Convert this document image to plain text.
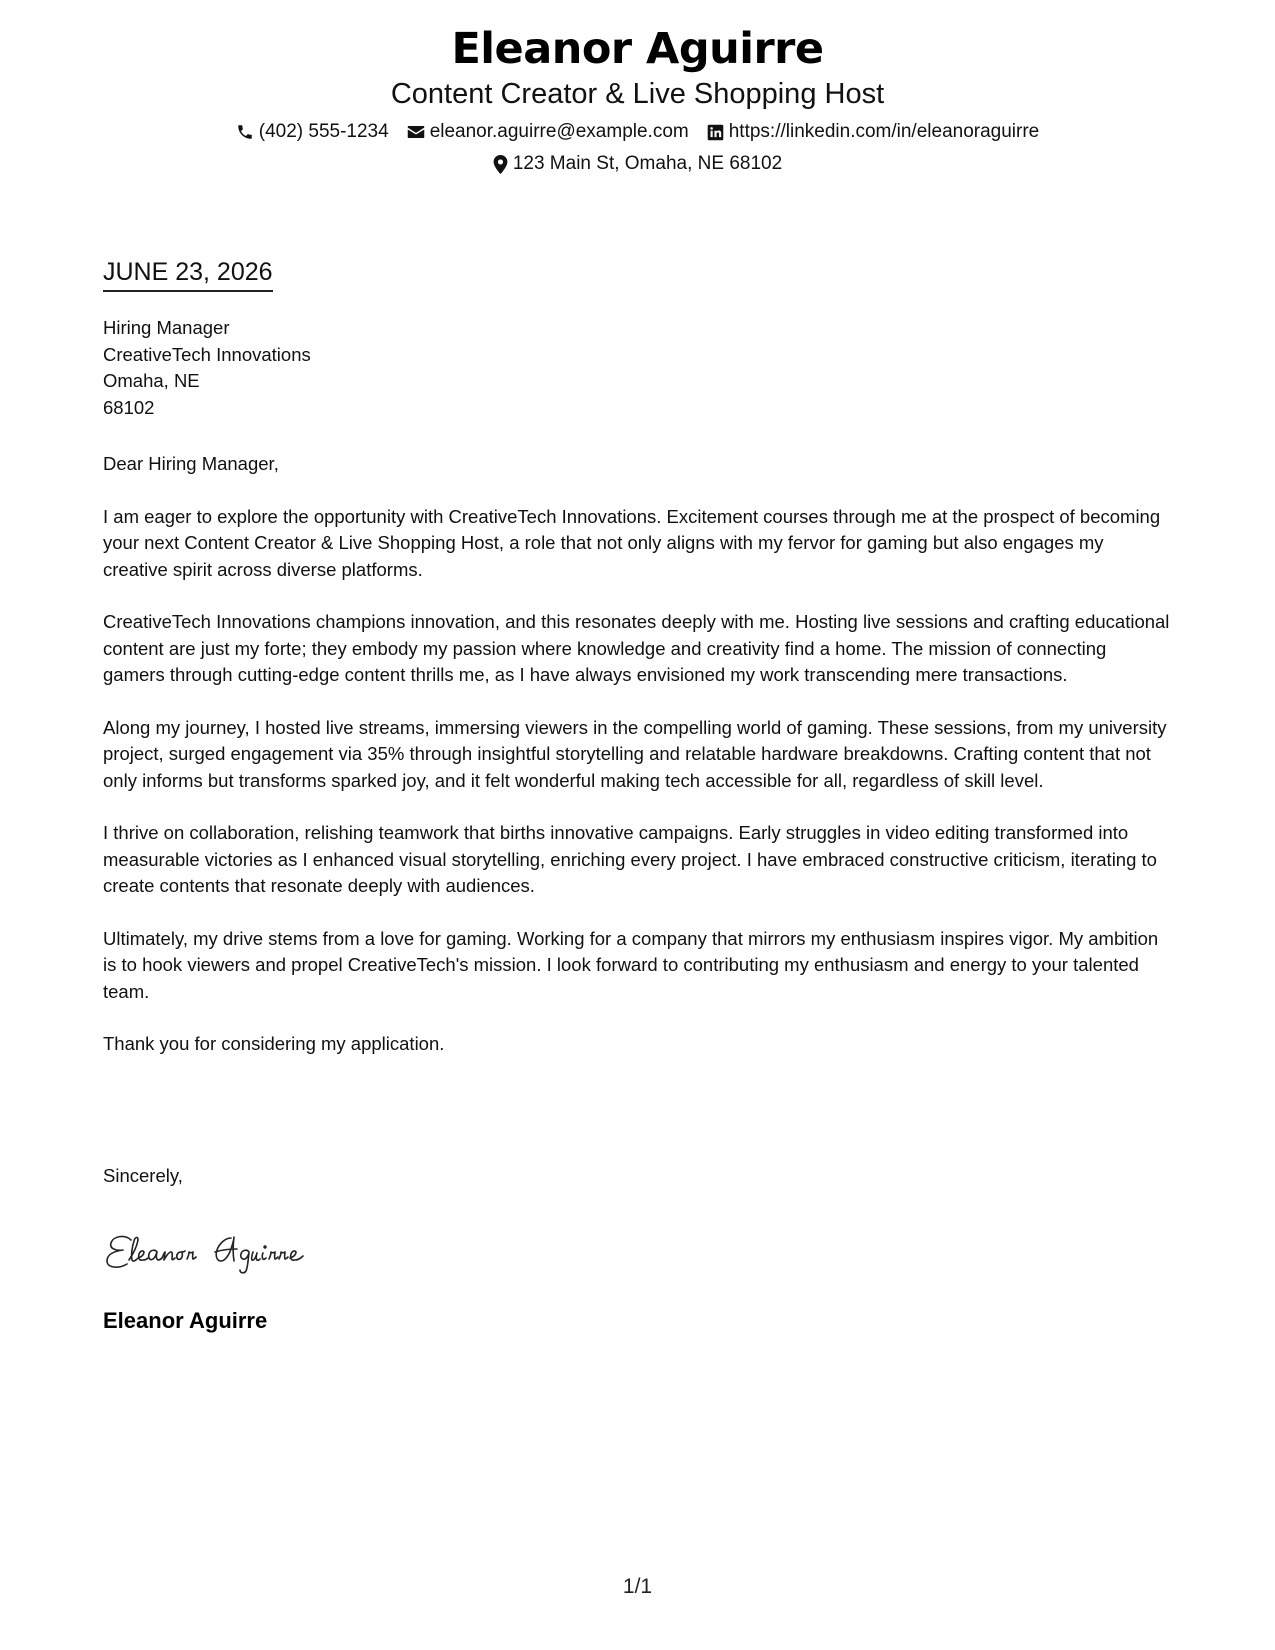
Eleanor Aguirre
Content Creator & Live Shopping Host
(402) 555-1234 eleanor.aguirre@example.com https://linkedin.com/in/eleanoraguirre
123 Main St, Omaha, NE 68102
JUNE 23, 2026
Hiring Manager
CreativeTech Innovations
Omaha, NE
68102

Dear Hiring Manager,

I am eager to explore the opportunity with CreativeTech Innovations. Excitement courses through me at the prospect of becoming your next Content Creator & Live Shopping Host, a role that not only aligns with my fervor for gaming but also engages my creative spirit across diverse platforms.

CreativeTech Innovations champions innovation, and this resonates deeply with me. Hosting live sessions and crafting educational content are just my forte; they embody my passion where knowledge and creativity find a home. The mission of connecting gamers through cutting-edge content thrills me, as I have always envisioned my work transcending mere transactions.

Along my journey, I hosted live streams, immersing viewers in the compelling world of gaming. These sessions, from my university project, surged engagement via 35% through insightful storytelling and relatable hardware breakdowns. Crafting content that not only informs but transforms sparked joy, and it felt wonderful making tech accessible for all, regardless of skill level.

I thrive on collaboration, relishing teamwork that births innovative campaigns. Early struggles in video editing transformed into measurable victories as I enhanced visual storytelling, enriching every project. I have embraced constructive criticism, iterating to create contents that resonate deeply with audiences.

Ultimately, my drive stems from a love for gaming. Working for a company that mirrors my enthusiasm inspires vigor. My ambition is to hook viewers and propel CreativeTech's mission. I look forward to contributing my enthusiasm and energy to your talented team.

Thank you for considering my application.

Sincerely,
Eleanor Aguirre
1/1
